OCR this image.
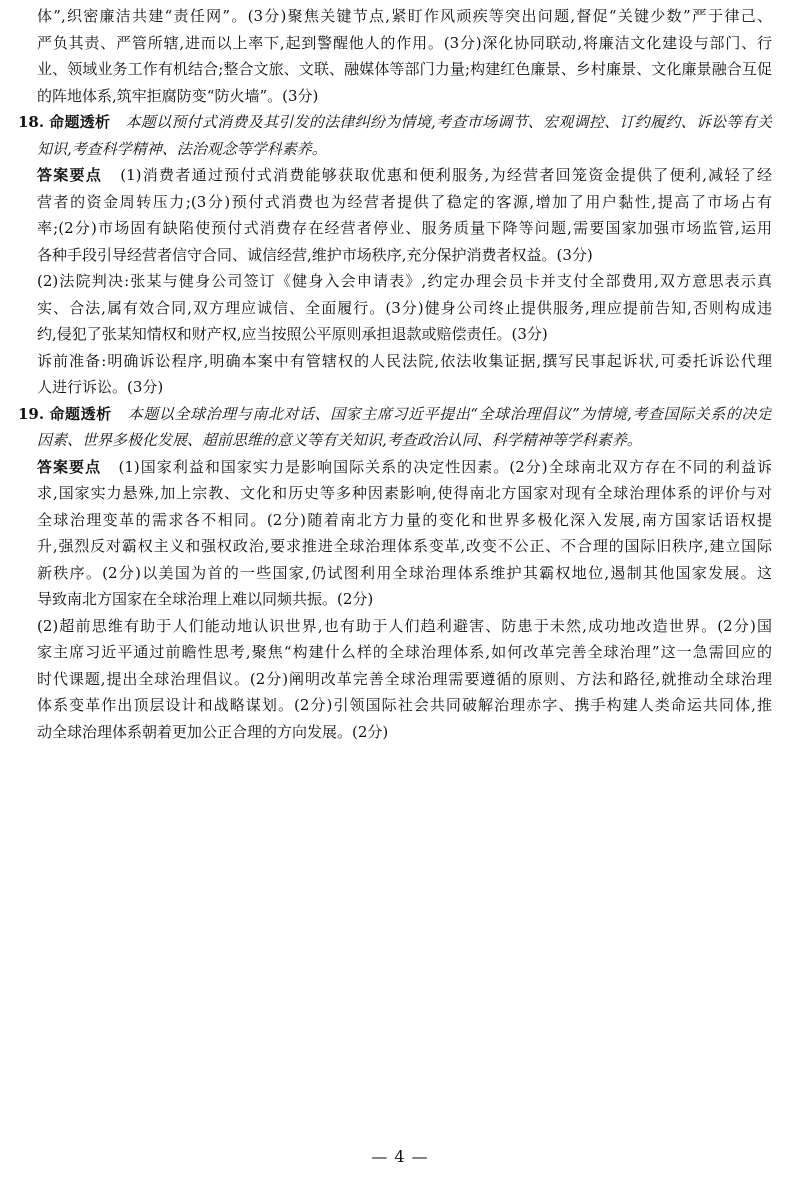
体”,织密廉洁共建“责任网”。(3分)聚焦关键节点,紧盯作风顽疾等突出问题,督促“关键少数”严于律己、
严负其责、严管所辖,进而以上率下,起到警醒他人的作用。(3分)深化协同联动,将廉洁文化建设与部门、行
业、领域业务工作有机结合;整合文旅、文联、融媒体等部门力量;构建红色廉景、乡村廉景、文化廉景融合互促
的阵地体系,筑牢拒腐防变“防火墙”。(3分)
18. 命题透析 本题以预付式消费及其引发的法律纠纷为情境,考查市场调节、宏观调控、订约履约、诉讼等有关
知识,考查科学精神、法治观念等学科素养。
答案要点 (1)消费者通过预付式消费能够获取优惠和便利服务,为经营者回笼资金提供了便利,减轻了经
营者的资金周转压力;(3分)预付式消费也为经营者提供了稳定的客源,增加了用户黏性,提高了市场占有
率;(2分)市场固有缺陷使预付式消费存在经营者停业、服务质量下降等问题,需要国家加强市场监管,运用
各种手段引导经营者信守合同、诚信经营,维护市场秩序,充分保护消费者权益。(3分)
(2)法院判决:张某与健身公司签订《健身入会申请表》,约定办理会员卡并支付全部费用,双方意思表示真
实、合法,属有效合同,双方理应诚信、全面履行。(3分)健身公司终止提供服务,理应提前告知,否则构成违
约,侵犯了张某知情权和财产权,应当按照公平原则承担退款或赔偿责任。(3分)
诉前准备:明确诉讼程序,明确本案中有管辖权的人民法院,依法收集证据,撰写民事起诉状,可委托诉讼代理
人进行诉讼。(3分)
19. 命题透析 本题以全球治理与南北对话、国家主席习近平提出“全球治理倡议”为情境,考查国际关系的决定
因素、世界多极化发展、超前思维的意义等有关知识,考查政治认同、科学精神等学科素养。
答案要点 (1)国家利益和国家实力是影响国际关系的决定性因素。(2分)全球南北双方存在不同的利益诉
求,国家实力悬殊,加上宗教、文化和历史等多种因素影响,使得南北方国家对现有全球治理体系的评价与对
全球治理变革的需求各不相同。(2分)随着南北方力量的变化和世界多极化深入发展,南方国家话语权提
升,强烈反对霸权主义和强权政治,要求推进全球治理体系变革,改变不公正、不合理的国际旧秩序,建立国际
新秩序。(2分)以美国为首的一些国家,仍试图利用全球治理体系维护其霸权地位,遏制其他国家发展。这
导致南北方国家在全球治理上难以同频共振。(2分)
(2)超前思维有助于人们能动地认识世界,也有助于人们趋利避害、防患于未然,成功地改造世界。(2分)国
家主席习近平通过前瞻性思考,聚焦“构建什么样的全球治理体系,如何改革完善全球治理”这一急需回应的
时代课题,提出全球治理倡议。(2分)阐明改革完善全球治理需要遵循的原则、方法和路径,就推动全球治理
体系变革作出顶层设计和战略谋划。(2分)引领国际社会共同破解治理赤字、携手构建人类命运共同体,推
动全球治理体系朝着更加公正合理的方向发展。(2分)
— 4 —
